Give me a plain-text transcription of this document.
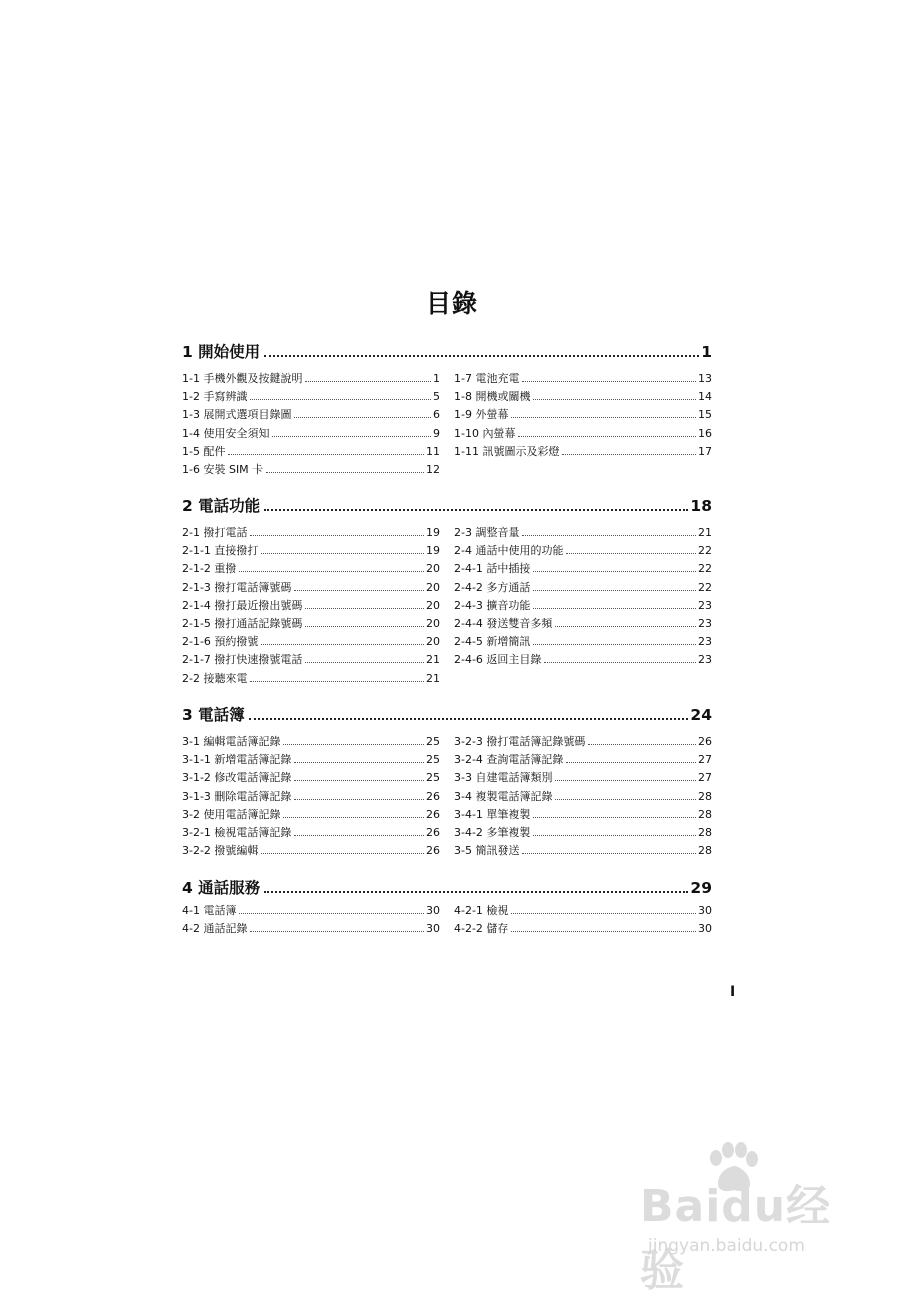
目錄
1 開始使用	1
1-1 手機外觀及按鍵說明	1
1-2 手寫辨識	5
1-3 展開式選項目錄圖	6
1-4 使用安全須知	9
1-5 配件	11
1-6 安裝 SIM 卡	12
1-7 電池充電	13
1-8 開機或關機	14
1-9 外螢幕	15
1-10 內螢幕	16
1-11 訊號圖示及彩燈	17
2 電話功能	18
2-1 撥打電話	19
2-1-1 直接撥打	19
2-1-2 重撥	20
2-1-3 撥打電話簿號碼	20
2-1-4 撥打最近撥出號碼	20
2-1-5 撥打通話記錄號碼	20
2-1-6 預約撥號	20
2-1-7 撥打快速撥號電話	21
2-2 接聽來電	21
2-3 調整音量	21
2-4 通話中使用的功能	22
2-4-1 話中插接	22
2-4-2 多方通話	22
2-4-3 擴音功能	23
2-4-4 發送雙音多頻	23
2-4-5 新增簡訊	23
2-4-6 返回主目錄	23
3 電話簿	24
3-1 編輯電話簿記錄	25
3-1-1 新增電話簿記錄	25
3-1-2 修改電話簿記錄	25
3-1-3 刪除電話簿記錄	26
3-2 使用電話簿記錄	26
3-2-1 檢視電話簿記錄	26
3-2-2 撥號編輯	26
3-2-3 撥打電話簿記錄號碼	26
3-2-4 查詢電話簿記錄	27
3-3 自建電話簿類別	27
3-4 複製電話簿記錄	28
3-4-1 單筆複製	28
3-4-2 多筆複製	28
3-5 簡訊發送	28
4 通話服務	29
4-1 電話簿	30
4-2 通話記錄	30
4-2-1 檢視	30
4-2-2 儲存	30
I
Baidu经验
jingyan.baidu.com
